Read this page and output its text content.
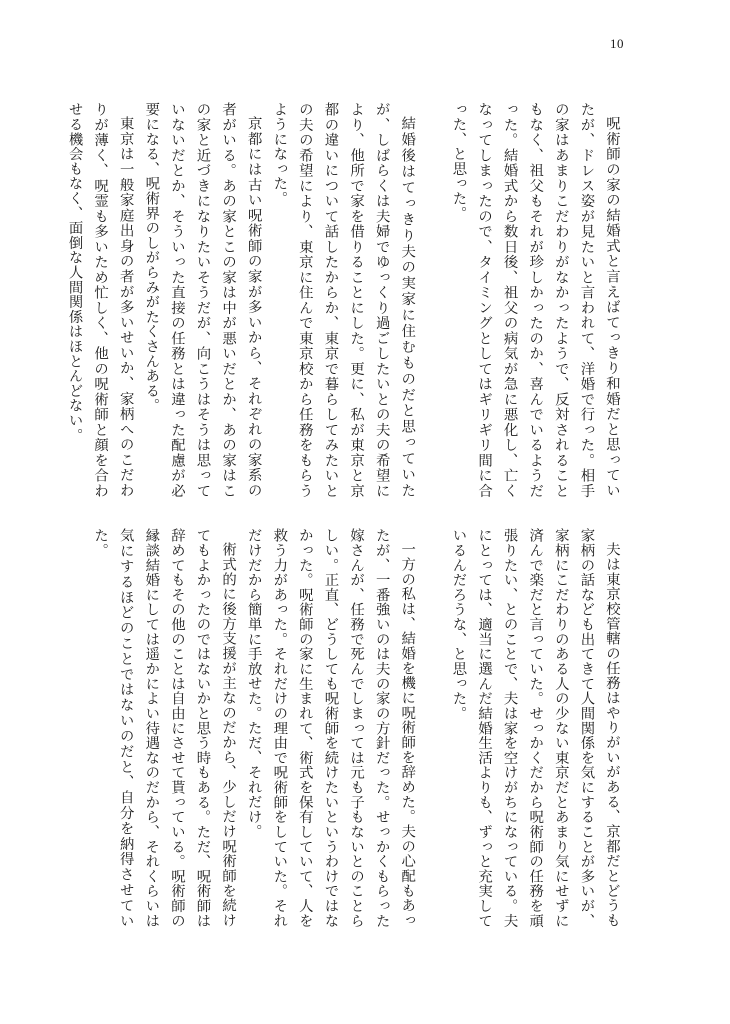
10

呪術師の家の結婚式と言えばてっきり和婚だと思っていたが、ドレス姿が見たいと言われて、洋婚で行った。相手の家はあまりこだわりがなかったようで、反対されることもなく、祖父もそれが珍しかったのか、喜んでいるようだった。結婚式から数日後、祖父の病気が急に悪化し、亡くなってしまったので、タイミングとしてはギリギリ間に合った、と思った。

結婚後はてっきり夫の実家に住むものだと思っていたが、しばらくは夫婦でゆっくり過ごしたいとの夫の希望により、他所で家を借りることにした。更に、私が東京と京都の違いについて話したからか、東京で暮らしてみたいとの夫の希望により、東京に住んで東京校から任務をもらうようになった。

京都には古い呪術師の家が多いから、それぞれの家系の者がいる。あの家とこの家は中が悪いだとか、あの家はこの家と近づきになりたいそうだが、向こうはそうは思っていないだとか、そういった直接の任務とは違った配慮が必要になる、呪術界のしがらみがたくさんある。

東京は一般家庭出身の者が多いせいか、家柄へのこだわりが薄く、呪霊も多いため忙しく、他の呪術師と顔を合わせる機会もなく、面倒な人間関係はほとんどない。

夫は東京校管轄の任務はやりがいがある、京都だとどうも家柄の話なども出てきて人間関係を気にすることが多いが、家柄にこだわりのある人の少ない東京だとあまり気にせずに済んで楽だと言っていた。せっかくだから呪術師の任務を頑張りたい、とのことで、夫は家を空けがちになっている。夫にとっては、適当に選んだ結婚生活よりも、ずっと充実しているんだろうな、と思った。

一方の私は、結婚を機に呪術師を辞めた。夫の心配もあったが、一番強いのは夫の家の方針だった。せっかくもらった嫁さんが、任務で死んでしまっては元も子もないとのことらしい。正直、どうしても呪術師を続けたいというわけではなかった。呪術師の家に生まれて、術式を保有していて、人を救う力があった。それだけの理由で呪術師をしていた。それだけだから簡単に手放せた。ただ、それだけ。

術式的に後方支援が主なのだから、少しだけ呪術師を続けてもよかったのではないかと思う時もある。ただ、呪術師は辞めてもその他のことは自由にさせて貰っている。呪術師の縁談結婚にしては遥かによい待遇なのだから、それくらいは気にするほどのことではないのだと、自分を納得させていた。
